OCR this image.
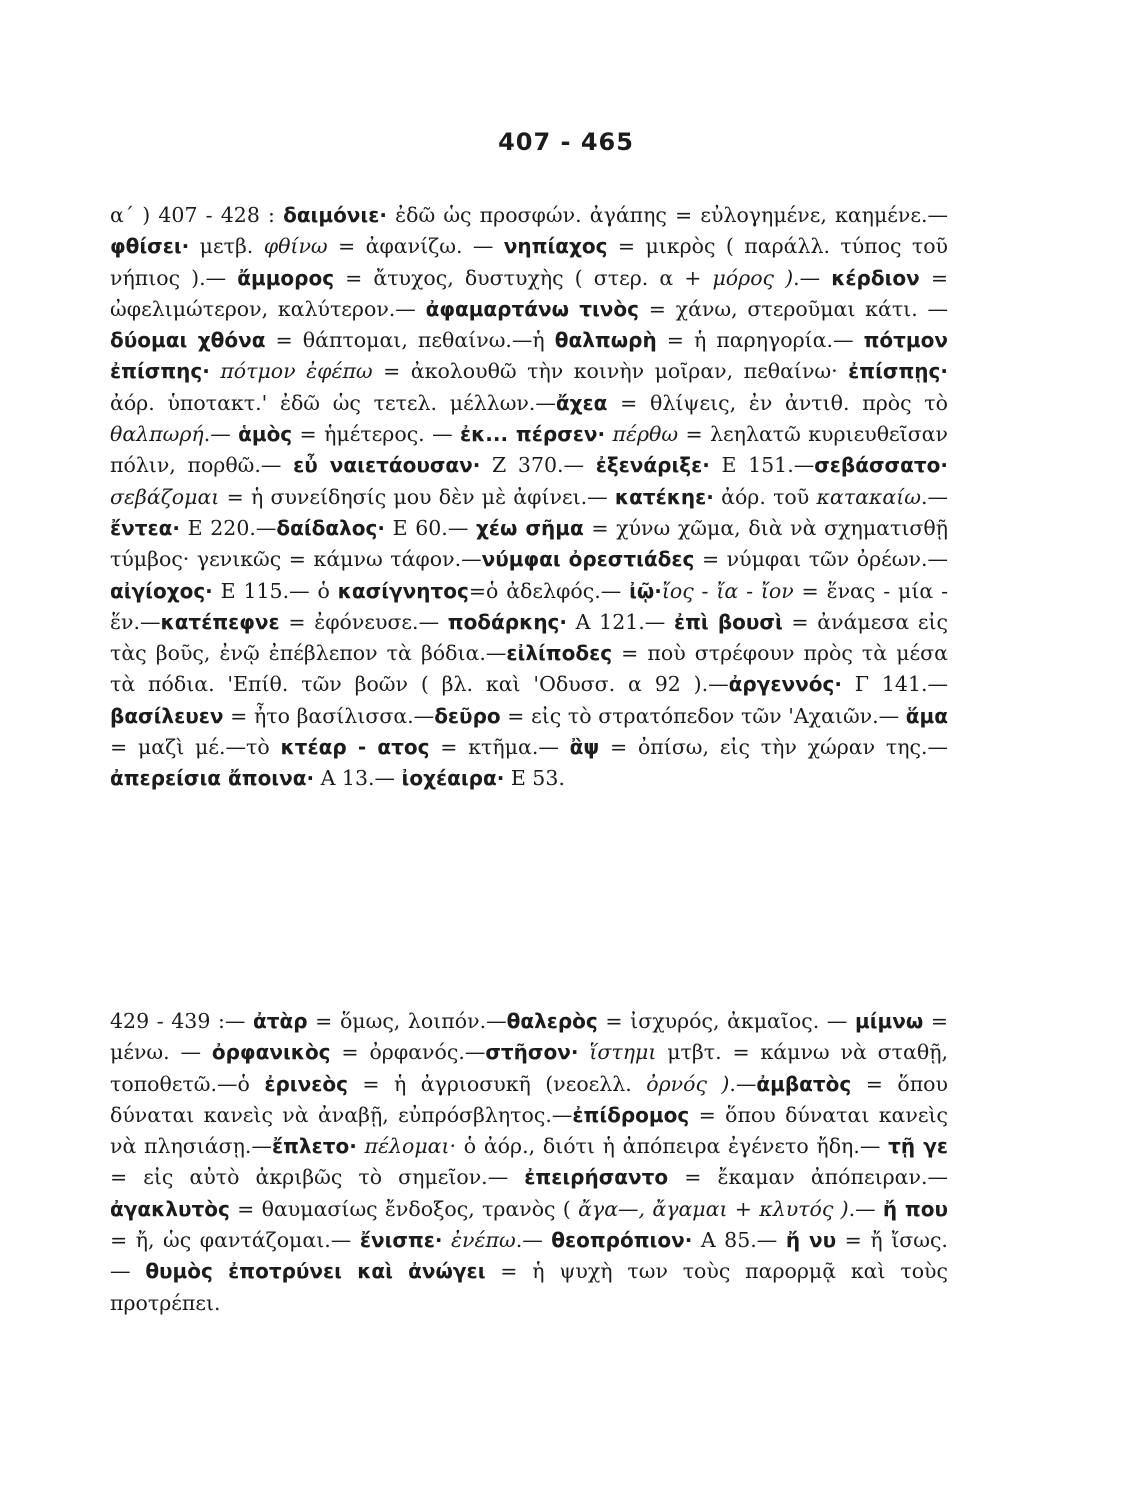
407 - 465
α΄ ) 407 - 428 : δαιμόνιε· ἐδῶ ὡς προσφών. ἀγάπης = εὐλογημένε, καημένε.— φθίσει· μετβ. φθίνω = ἀφανίζω. — νηπίαχος = μικρὸς ( παράλλ. τύπος τοῦ νήπιος ).— ἄμμορος = ἄτυχος, δυστυχὴς ( στερ. α + μόρος ).— κέρδιον = ὠφελιμώτερον, καλύτερον.— ἀφαμαρτάνω τινὸς = χάνω, στεροῦμαι κάτι. — δύομαι χθόνα = θάπτομαι, πεθαίνω.—ἡ θαλπωρὴ = ἡ παρηγορία.— πότμον ἐπίσπης· πότμον ἐφέπω = ἀκολουθῶ τὴν κοινὴν μοῖραν, πεθαίνω· ἐπίσπῃς· ἀόρ. ὑποτακτ.' ἐδῶ ὡς τετελ. μέλλων.—ἄχεα = θλίψεις, ἐν ἀντιθ. πρὸς τὸ θαλπωρή.— ἁμὸς = ἡμέτερος. — ἐκ... πέρσεν· πέρθω = λεηλατῶ κυριευθεῖσαν πόλιν, πορθῶ.— εὖ ναιετάουσαν· Ζ 370.— ἐξενάριξε· Ε 151.—σεβάσσατο· σεβάζομαι = ἡ συνείδησίς μου δὲν μὲ ἀφίνει.— κατέκηε· ἀόρ. τοῦ κατακαίω.— ἔντεα· Ε 220.—δαίδαλος· Ε 60.— χέω σῆμα = χύνω χῶμα, διὰ νὰ σχηματισθῇ τύμβος· γενικῶς = κάμνω τάφον.—νύμφαι ὀρεστιάδες = νύμφαι τῶν ὀρέων.—αἰγίοχος· Ε 115.— ὁ κασίγνητος=ὁ ἀδελφός.— ἰῷ·ἴος - ἴα - ἴον = ἕνας - μία - ἕν.—κατέπεφνε = ἐφόνευσε.— ποδάρκης· Α 121.— ἐπὶ βουσὶ = ἀνάμεσα εἰς τὰς βοῦς, ἐνῷ ἐπέβλεπον τὰ βόδια.—εἰλίποδες = ποὺ στρέφουν πρὸς τὰ μέσα τὰ πόδια. 'Επίθ. τῶν βοῶν ( βλ. καὶ 'Οδυσσ. α 92 ).—ἀργεννός· Γ 141.—βασίλευεν = ἦτο βασίλισσα.—δεῦρο = εἰς τὸ στρατόπεδον τῶν 'Αχαιῶν.— ἅμα = μαζὶ μέ.—τὸ κτέαρ - ατος = κτῆμα.— ἂψ = ὀπίσω, εἰς τὴν χώραν της.— ἀπερείσια ἄποινα· Α 13.— ἰοχέαιρα· Ε 53.
429 - 439 :— ἀτὰρ = ὅμως, λοιπόν.—θαλερὸς = ἰσχυρός, ἀκμαῖος. — μίμνω = μένω. — ὀρφανικὸς = ὀρφανός.—στῆσον· ἵστημι μτβτ. = κάμνω νὰ σταθῇ, τοποθετῶ.—ὁ ἐρινεὸς = ἡ ἀγριοσυκῆ (νεοελλ. ὀρνός ).—ἀμβατὸς = ὅπου δύναται κανεὶς νὰ ἀναβῇ, εὐπρόσβλητος.—ἐπίδρομος = ὅπου δύναται κανεὶς νὰ πλησιάσῃ.—ἔπλετο· πέλομαι· ὁ ἀόρ., διότι ἡ ἀπόπειρα ἐγένετο ἤδη.— τῇ γε = εἰς αὐτὸ ἀκριβῶς τὸ σημεῖον.— ἐπειρήσαντο = ἔκαμαν ἀπόπειραν.— ἀγακλυτὸς = θαυμασίως ἔνδοξος, τρανὸς ( ἄγα—, ἄγαμαι + κλυτός ).— ἤ που = ἤ, ὡς φαντάζομαι.— ἔνισπε· ἐνέπω.— θεοπρόπιον· Α 85.— ἤ νυ = ἤ ἴσως. — θυμὸς ἐποτρύνει καὶ ἀνώγει = ἡ ψυχὴ των τοὺς παρορμᾷ καὶ τοὺς προτρέπει.
